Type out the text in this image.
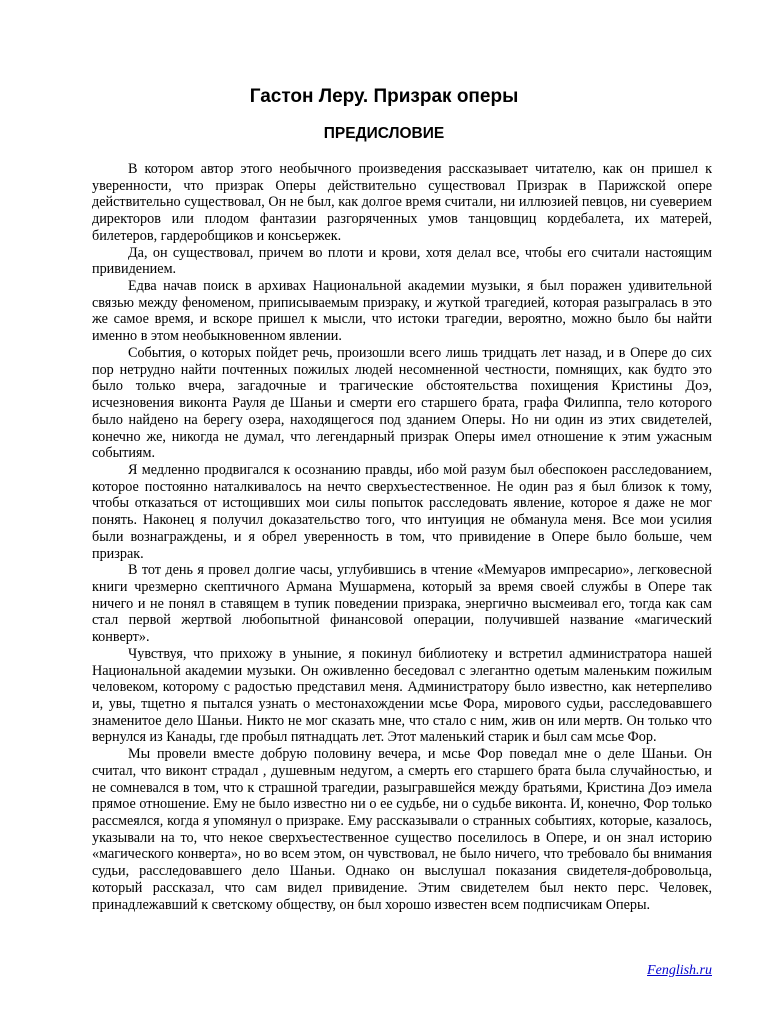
Гастон Леру. Призрак оперы
ПРЕДИСЛОВИЕ

В котором автор этого необычного произведения рассказывает читателю, как он пришел к уверенности, что призрак Оперы действительно существовал Призрак в Парижской опере действительно существовал, Он не был, как долгое время считали, ни иллюзией певцов, ни суеверием директоров или плодом фантазии разгоряченных умов танцовщиц кордебалета, их матерей, билетеров, гардеробщиков и консьержек.

Да, он существовал, причем во плоти и крови, хотя делал все, чтобы его считали настоящим привидением.

Едва начав поиск в архивах Национальной академии музыки, я был поражен удивительной связью между феноменом, приписываемым призраку, и жуткой трагедией, которая разыгралась в это же самое время, и вскоре пришел к мысли, что истоки трагедии, вероятно, можно было бы найти именно в этом необыкновенном явлении.

События, о которых пойдет речь, произошли всего лишь тридцать лет назад, и в Опере до сих пор нетрудно найти почтенных пожилых людей несомненной честности, помнящих, как будто это было только вчера, загадочные и трагические обстоятельства похищения Кристины Доэ, исчезновения виконта Рауля де Шаньи и смерти его старшего брата, графа Филиппа, тело которого было найдено на берегу озера, находящегося под зданием Оперы. Но ни один из этих свидетелей, конечно же, никогда не думал, что легендарный призрак Оперы имел отношение к этим ужасным событиям.

Я медленно продвигался к осознанию правды, ибо мой разум был обеспокоен расследованием, которое постоянно наталкивалось на нечто сверхъестественное. Не один раз я был близок к тому, чтобы отказаться от истощивших мои силы попыток расследовать явление, которое я даже не мог понять. Наконец я получил доказательство того, что интуиция не обманула меня. Все мои усилия были вознаграждены, и я обрел уверенность в том, что привидение в Опере было больше, чем призрак.

В тот день я провел долгие часы, углубившись в чтение «Мемуаров импресарио», легковесной книги чрезмерно скептичного Армана Мушармена, который за время своей службы в Опере так ничего и не понял в ставящем в тупик поведении призрака, энергично высмеивал его, тогда как сам стал первой жертвой любопытной финансовой операции, получившей название «магический конверт».

Чувствуя, что прихожу в уныние, я покинул библиотеку и встретил администратора нашей Национальной академии музыки. Он оживленно беседовал с элегантно одетым маленьким пожилым человеком, которому с радостью представил меня. Администратору было известно, как нетерпеливо и, увы, тщетно я пытался узнать о местонахождении мсье Фора, мирового судьи, расследовавшего знаменитое дело Шаньи. Никто не мог сказать мне, что стало с ним, жив он или мертв. Он только что вернулся из Канады, где пробыл пятнадцать лет. Этот маленький старик и был сам мсье Фор.

Мы провели вместе добрую половину вечера, и мсье Фор поведал мне о деле Шаньи. Он считал, что виконт страдал , душевным недугом, а смерть его старшего брата была случайностью, и не сомневался в том, что к страшной трагедии, разыгравшейся между братьями, Кристина Доэ имела прямое отношение. Ему не было известно ни о ее судьбе, ни о судьбе виконта. И, конечно, Фор только рассмеялся, когда я упомянул о призраке. Ему рассказывали о странных событиях, которые, казалось, указывали на то, что некое сверхъестественное существо поселилось в Опере, и он знал историю «магического конверта», но во всем этом, он чувствовал, не было ничего, что требовало бы внимания судьи, расследовавшего дело Шаньи. Однако он выслушал показания свидетеля-добровольца, который рассказал, что сам видел привидение. Этим свидетелем был некто перс. Человек, принадлежавший к светскому обществу, он был хорошо известен всем подписчикам Оперы.

Fenglish.ru
